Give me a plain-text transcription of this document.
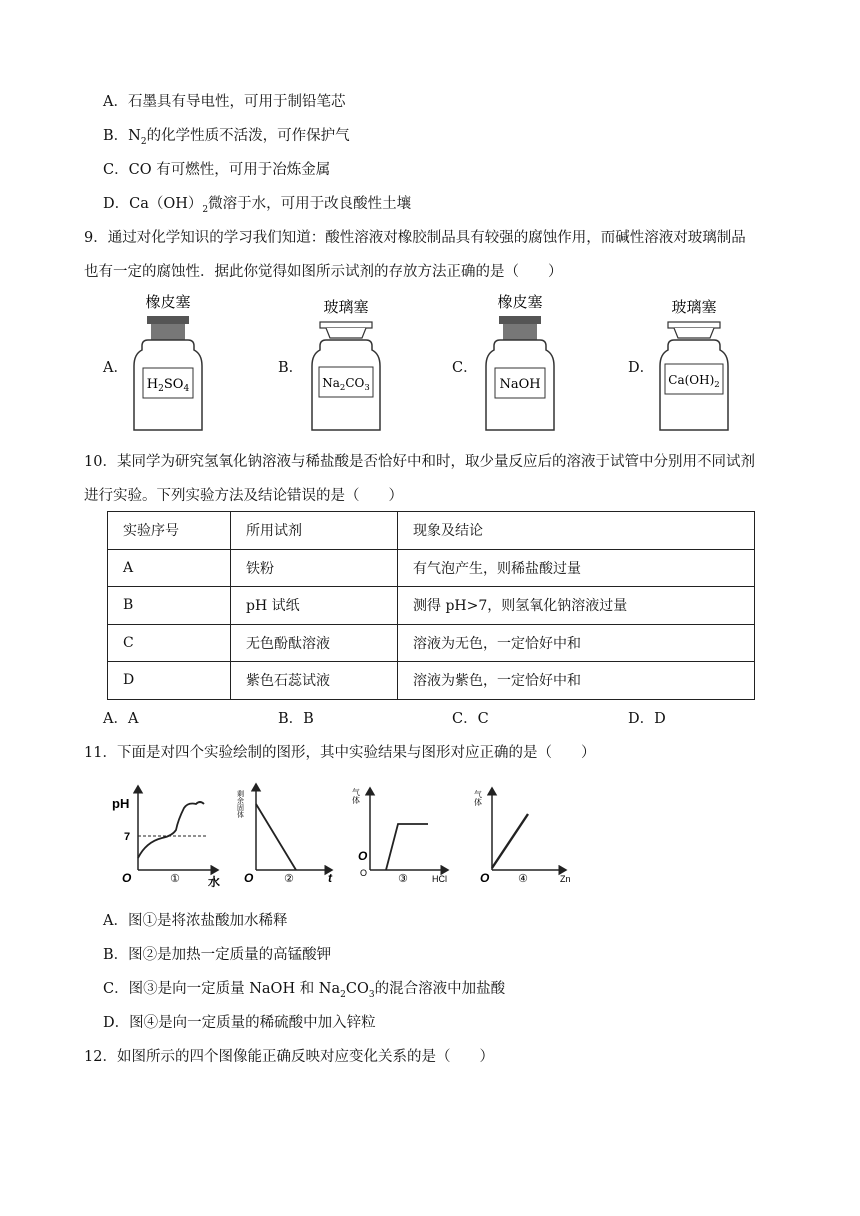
A．石墨具有导电性，可用于制铅笔芯
B．$N_2$的化学性质不活泼，可作保护气
C．CO 有可燃性，可用于冶炼金属
D．$Ca(OH)_2$微溶于水，可用于改良酸性土壤
9．通过对化学知识的学习我们知道：酸性溶液对橡胶制品具有较强的腐蚀作用，而碱性溶液对玻璃制品
也有一定的腐蚀性．据此你觉得如图所示试剂的存放方法正确的是（　　）
橡皮塞
$H_2SO_4$
玻璃塞
$Na_2CO_3$
橡皮塞
NaOH
玻璃塞
$Ca(OH)_2$
A．	B．	C．	D．
10．某同学为研究氢氧化钠溶液与稀盐酸是否恰好中和时，取少量反应后的溶液于试管中分别用不同试剂
进行实验。下列实验方法及结论错误的是（　　）
实验序号	所用试剂	现象及结论
A	铁粉	有气泡产生，则稀盐酸过量
B	pH 试纸	测得 pH>7，则氢氧化钠溶液过量
C	无色酚酞溶液	溶液为无色，一定恰好中和
D	紫色石蕊试液	溶液为紫色，一定恰好中和
A．A	B．B	C．C	D．D
11．下面是对四个实验绘制的图形，其中实验结果与图形对应正确的是（　　）
pH
7
O	① 水
剩余固体
O	②	t
气体
O
O	③	HCl
气体
O	④	Zn
A．图①是将浓盐酸加水稀释
B．图②是加热一定质量的高锰酸钾
C．图③是向一定质量 NaOH 和 $Na_2CO_3$的混合溶液中加盐酸
D．图④是向一定质量的稀硫酸中加入锌粒
12．如图所示的四个图像能正确反映对应变化关系的是（　　）
